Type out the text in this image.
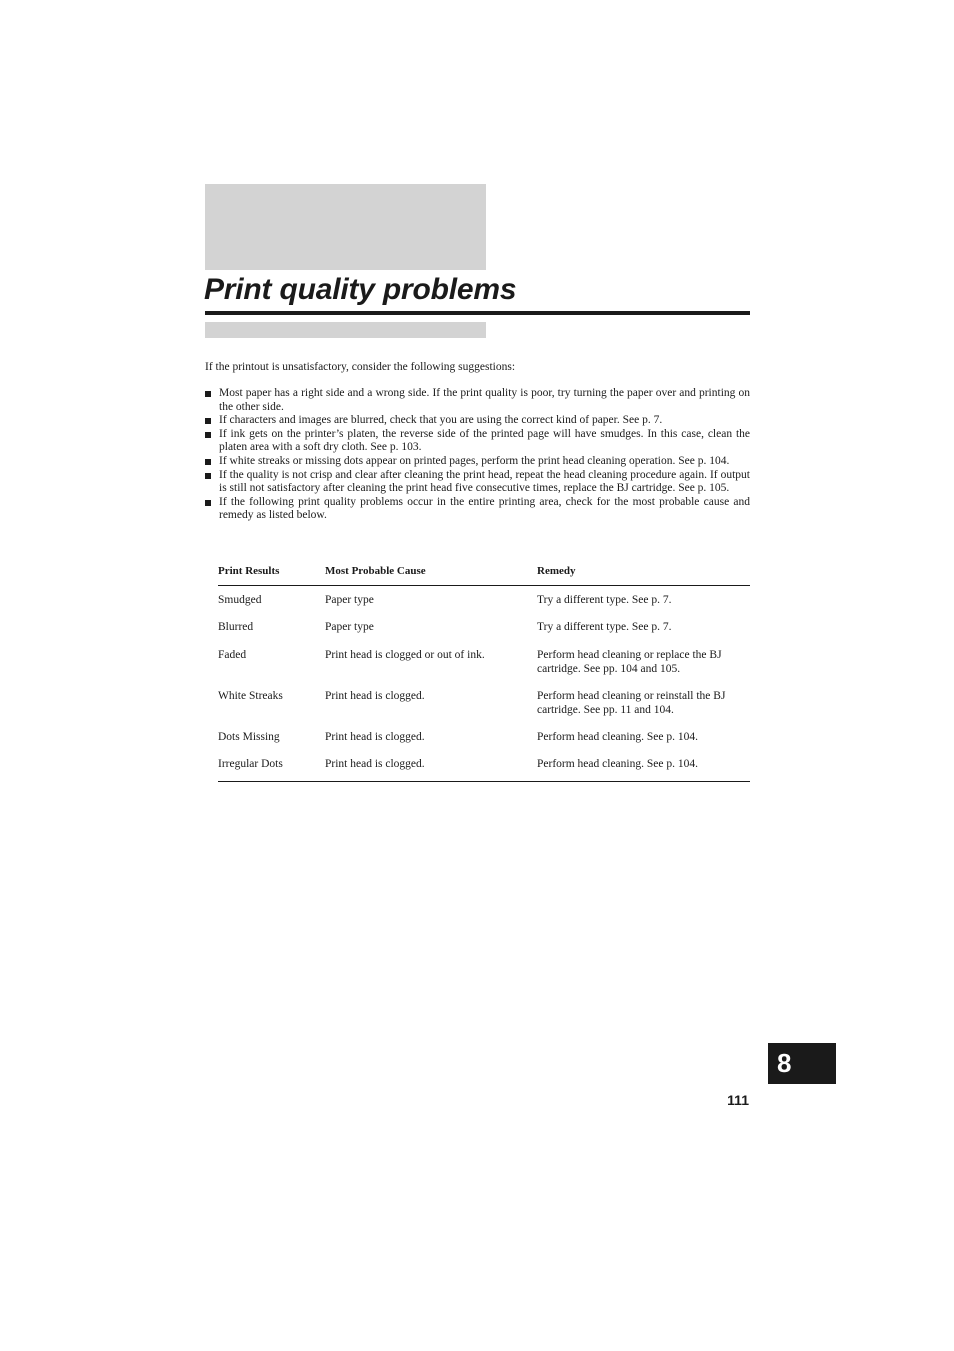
Print quality problems
If the printout is unsatisfactory, consider the following suggestions:
Most paper has a right side and a wrong side. If the print quality is poor, try turning the paper over and printing on the other side.
If characters and images are blurred, check that you are using the correct kind of paper. See p. 7.
If ink gets on the printer’s platen, the reverse side of the printed page will have smudges. In this case, clean the platen area with a soft dry cloth. See p. 103.
If white streaks or missing dots appear on printed pages, perform the print head cleaning operation. See p. 104.
If the quality is not crisp and clear after cleaning the print head, repeat the head cleaning procedure again. If output is still not satisfactory after cleaning the print head five consecutive times, replace the BJ cartridge. See p. 105.
If the following print quality problems occur in the entire printing area, check for the most probable cause and remedy as listed below.
Print Results	Most Probable Cause	Remedy
Smudged	Paper type	Try a different type. See p. 7.
Blurred	Paper type	Try a different type. See p. 7.
Faded	Print head is clogged or out of ink.	Perform head cleaning or replace the BJ cartridge. See pp. 104 and 105.
White Streaks	Print head is clogged.	Perform head cleaning or reinstall the BJ cartridge. See pp. 11 and 104.
Dots Missing	Print head is clogged.	Perform head cleaning. See p. 104.
Irregular Dots	Print head is clogged.	Perform head cleaning. See p. 104.
8
111
